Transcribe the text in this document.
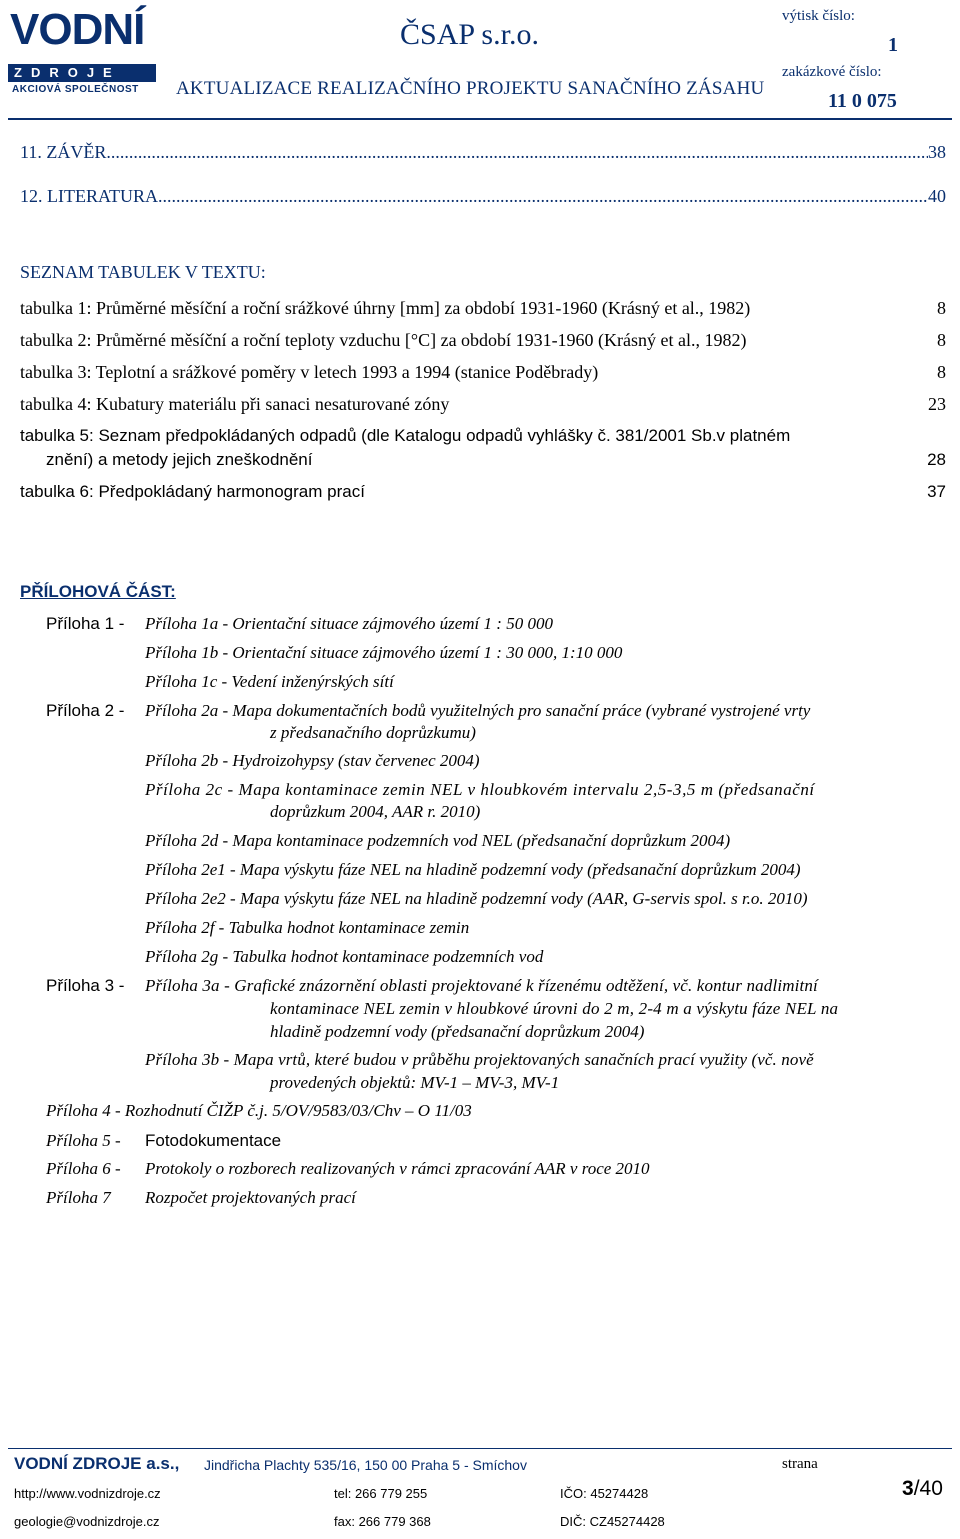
VODNÍ
ZDROJE
AKCIOVÁ SPOLEČNOST
ČSAP s.r.o.
AKTUALIZACE REALIZAČNÍHO PROJEKTU SANAČNÍHO ZÁSAHU
výtisk číslo:
1
zakázkové číslo:
11 0 075
11. ZÁVĚR .....	38
12. LITERATURA .....	40
SEZNAM TABULEK V TEXTU:
tabulka 1: Průměrné měsíční a roční srážkové úhrny [mm] za období 1931-1960 (Krásný et al., 1982)	8
tabulka 2: Průměrné měsíční a roční teploty vzduchu [°C] za období 1931-1960 (Krásný et al., 1982)	8
tabulka 3: Teplotní a srážkové poměry v letech 1993 a 1994 (stanice Poděbrady)	8
tabulka 4: Kubatury materiálu při sanaci nesaturované zóny	23
tabulka 5: Seznam předpokládaných odpadů (dle Katalogu odpadů vyhlášky č. 381/2001 Sb.v platném
znění) a metody jejich zneškodnění	28
tabulka 6: Předpokládaný harmonogram prací	37
PŘÍLOHOVÁ ČÁST:
Příloha 1 - Příloha 1a - Orientační situace zájmového území 1 : 50 000
Příloha 1b - Orientační situace zájmového území 1 : 30 000, 1:10 000
Příloha 1c - Vedení inženýrských sítí
Příloha 2 - Příloha 2a - Mapa dokumentačních bodů využitelných pro sanační práce (vybrané vystrojené vrty
z předsanačního doprůzkumu)
Příloha 2b - Hydroizohypsy (stav červenec 2004)
Příloha 2c - Mapa kontaminace zemin NEL v hloubkovém intervalu 2,5-3,5 m (předsanační
doprůzkum 2004, AAR r. 2010)
Příloha 2d - Mapa kontaminace podzemních vod NEL (předsanační doprůzkum 2004)
Příloha 2e1 - Mapa výskytu fáze NEL na hladině podzemní vody (předsanační doprůzkum 2004)
Příloha 2e2 - Mapa výskytu fáze NEL na hladině podzemní vody (AAR, G-servis spol. s r.o. 2010)
Příloha 2f - Tabulka hodnot kontaminace zemin
Příloha 2g - Tabulka hodnot kontaminace podzemních vod
Příloha 3 - Příloha 3a - Grafické znázornění oblasti projektované k řízenému odtěžení, vč. kontur nadlimitní
kontaminace NEL zemin v hloubkové úrovni do 2 m, 2-4 m a výskytu fáze NEL na
hladině podzemní vody (předsanační doprůzkum 2004)
Příloha 3b - Mapa vrtů, které budou v průběhu projektovaných sanačních prací využity (vč. nově
provedených objektů: MV-1 – MV-3, MV-1
Příloha 4 - Rozhodnutí ČIŽP č.j. 5/OV/9583/03/Chv – O 11/03
Příloha 5 - Fotodokumentace
Příloha 6 - Protokoly o rozborech realizovaných v rámci zpracování AAR v roce 2010
Příloha 7 Rozpočet projektovaných prací
VODNÍ ZDROJE a.s., Jindřicha Plachty 535/16, 150 00 Praha 5 - Smíchov	strana
http://www.vodnizdroje.cz	tel: 266 779 255	IČO: 45274428	3/40
geologie@vodnizdroje.cz	fax: 266 779 368	DIČ: CZ45274428
